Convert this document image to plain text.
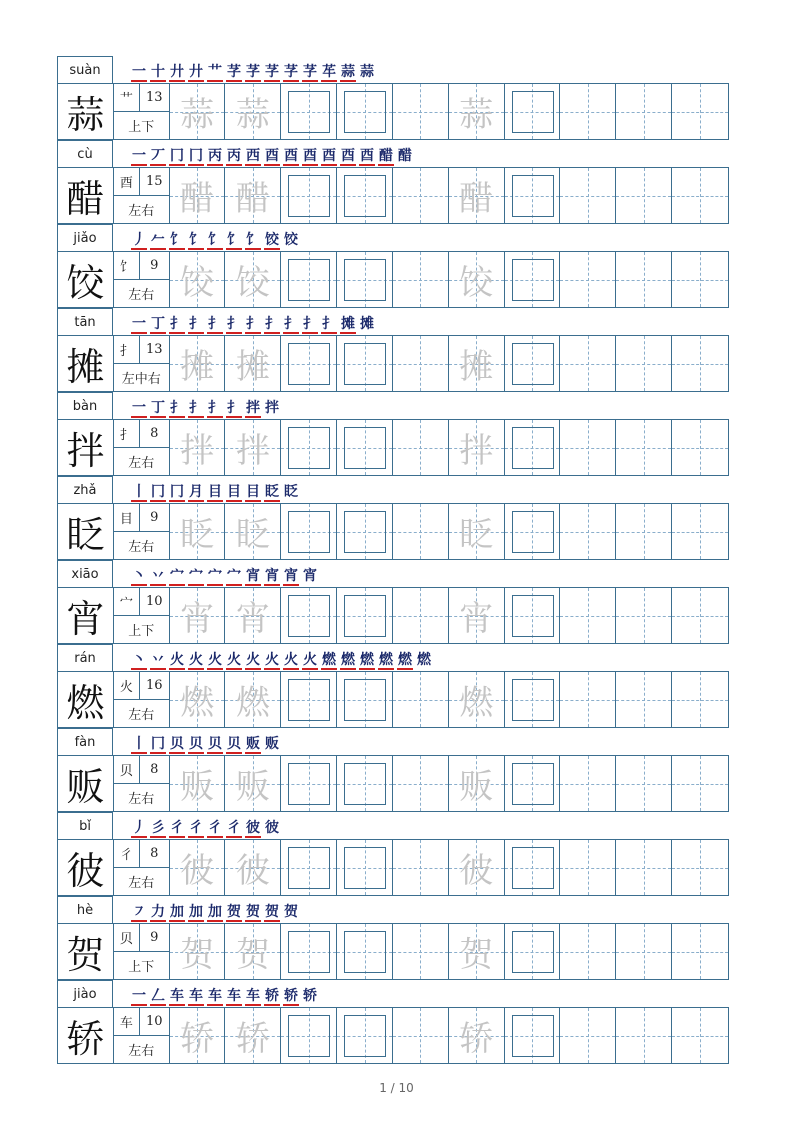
suàn	一 十 廾 廾 艹 芓 芓 芓 芓 芓 䒜 蒜 蒜
蒜	艹	13
上下 蒜 蒜	蒜
cù	一 丆 冂 冂 丙 丙 西 酉 酉 酉 酉 酉 酉 醋 醋
醋	酉	15
左右 醋 醋	醋
jiǎo	丿 𠂉 饣 饣 饣 饣 饣 饺 饺
饺	饣	9
左右 饺 饺	饺
tān	一 丁 扌 扌 扌 扌 扌 扌 扌 扌 扌 摊 摊
摊	扌	13
左中右 摊 摊	摊
bàn	一 丁 扌 扌 扌 扌 拌 拌
拌	扌	8
左右 拌 拌	拌
zhǎ	丨 冂 冂 月 目 目 目 眨 眨
眨	目	9
左右 眨 眨	眨
xiāo	丶 丷 宀 宀 宀 宀 宵 宵 宵 宵
宵	宀	10
上下 宵 宵	宵
rán	丶 丷 火 火 火 火 火 火 火 火 燃 燃 燃 燃 燃 燃
燃	火	16
左右 燃 燃	燃
fàn	丨 冂 贝 贝 贝 贝 贩 贩
贩	贝	8
左右 贩 贩	贩
bǐ	丿 彡 彳 彳 彳 彳 彼 彼
彼	彳	8
左右 彼 彼	彼
hè	㇇ 力 加 加 加 贺 贺 贺 贺
贺	贝	9
上下 贺 贺	贺
jiào	一 𠃋 车 车 车 车 车 轿 轿 轿
轿	车	10
左右 轿 轿	轿
1 / 10
